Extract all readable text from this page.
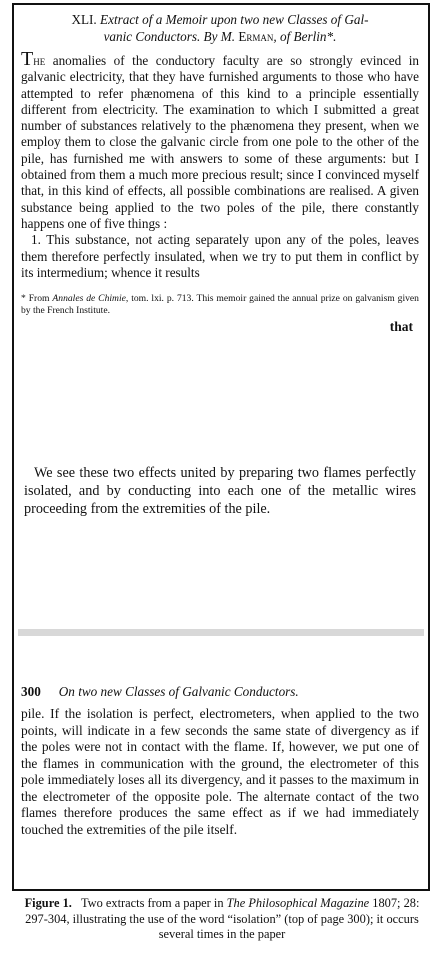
XLI. Extract of a Memoir upon two new Classes of Gal-
vanic Conductors. By M. Erman, of Berlin*.

The anomalies of the conductory faculty are so strongly evinced in galvanic electricity, that they have furnished arguments to those who have attempted to refer phænomena of this kind to a principle essentially different from electricity. The examination to which I submitted a great number of substances relatively to the phænomena they present, when we employ them to close the galvanic circle from one pole to the other of the pile, has furnished me with answers to some of these arguments: but I obtained from them a much more precious result; since I convinced myself that, in this kind of effects, all possible combinations are realised. A given substance being applied to the two poles of the pile, there constantly happens one of five things :

1. This substance, not acting separately upon any of the poles, leaves them therefore perfectly insulated, when we try to put them in conflict by its intermedium; whence it results

* From Annales de Chimie, tom. lxi. p. 713. This memoir gained the annual prize on galvanism given by the French Institute.

that

We see these two effects united by preparing two flames perfectly isolated, and by conducting into each one of the metallic wires proceeding from the extremities of the pile.

300 On two new Classes of Galvanic Conductors.

pile. If the isolation is perfect, electrometers, when applied to the two points, will indicate in a few seconds the same state of divergency as if the poles were not in contact with the flame. If, however, we put one of the flames in communication with the ground, the electrometer of this pole immediately loses all its divergency, and it passes to the maximum in the electrometer of the opposite pole. The alternate contact of the two flames therefore produces the same effect as if we had immediately touched the extremities of the pile itself.

Figure 1. Two extracts from a paper in The Philosophical Magazine 1807; 28: 297-304, illustrating the use of the word “isolation” (top of page 300); it occurs several times in the paper
